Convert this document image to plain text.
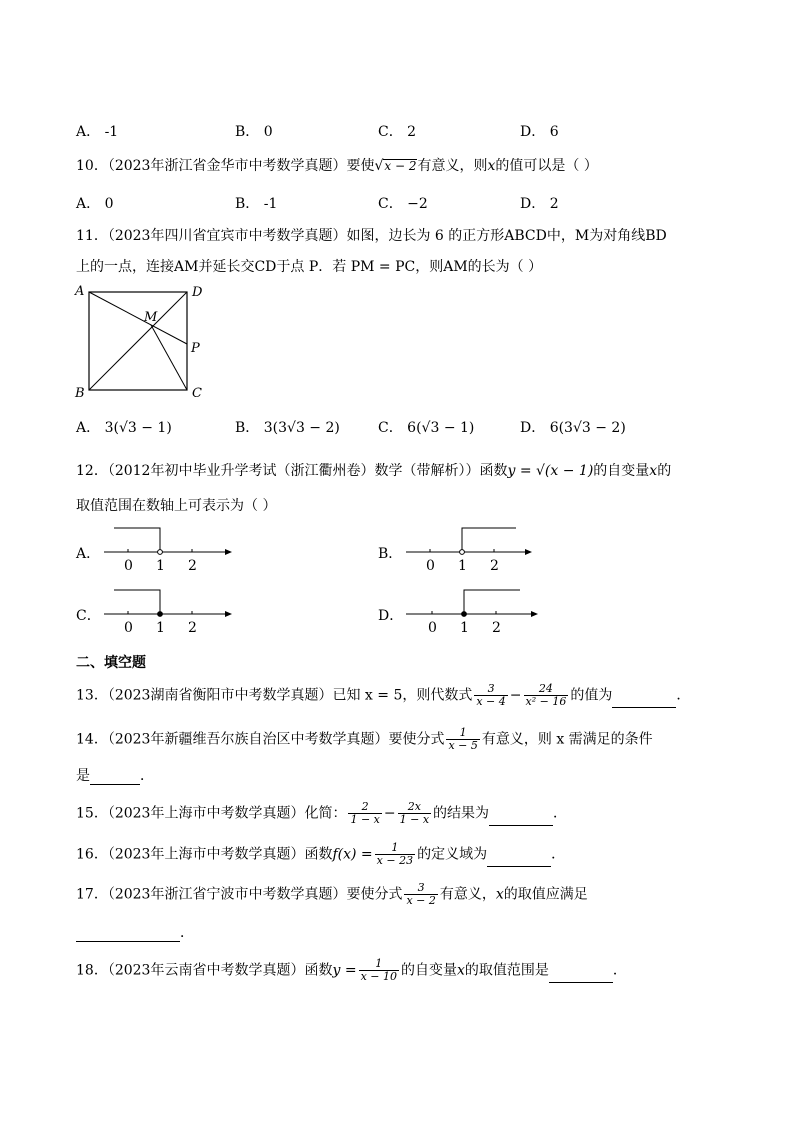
A． -1	B． 0	C． 2	D． 6
10．（2023年浙江省金华市中考数学真题）要使√x − 2有意义，则x的值可以是（ ）
A． 0	B． -1	C． −2	D． 2
11．（2023年四川省宜宾市中考数学真题）如图，边长为 6 的正方形ABCD中，M为对角线BD
上的一点，连接AM并延长交CD于点 P．若 PM = PC，则AM的长为（ ）
A
B	C
D
M
P
A． 3(√3 − 1)	B． 3(3√3 − 2)	C． 6(√3 − 1)	D． 6(3√3 − 2)
12．（2012年初中毕业升学考试（浙江衢州卷）数学（带解析））函数y = √(x − 1)的自变量x的
取值范围在数轴上可表示为（ ）
A．
0 1 2
B．
0 1 2
C．
0 1 2
D．
0 1 2
二、填空题
13．（2023湖南省衡阳市中考数学真题）已知 x = 5，则代数式 $\frac{3}{x - 4} - \frac{24}{\text{x² − 16}}$ 的值为	．
14．（2023年新疆维吾尔族自治区中考数学真题）要使分式 $\frac{1}{x - 5}$ 有意义，则 x 需满足的条件
是	．
15．（2023年上海市中考数学真题）化简： $\frac{2}{1 - x} - \frac{2x}{1 - x}$ 的结果为	．
16．（2023年上海市中考数学真题）函数$f(x) = \frac{1}{x - 23}$ 的定义域为	．
17．（2023年浙江省宁波市中考数学真题）要使分式 $\frac{3}{x - 2}$ 有意义，x的取值应满足
．
18．（2023年云南省中考数学真题）函数$y = \frac{1}{x - 10}$ 的自变量x的取值范围是	．
